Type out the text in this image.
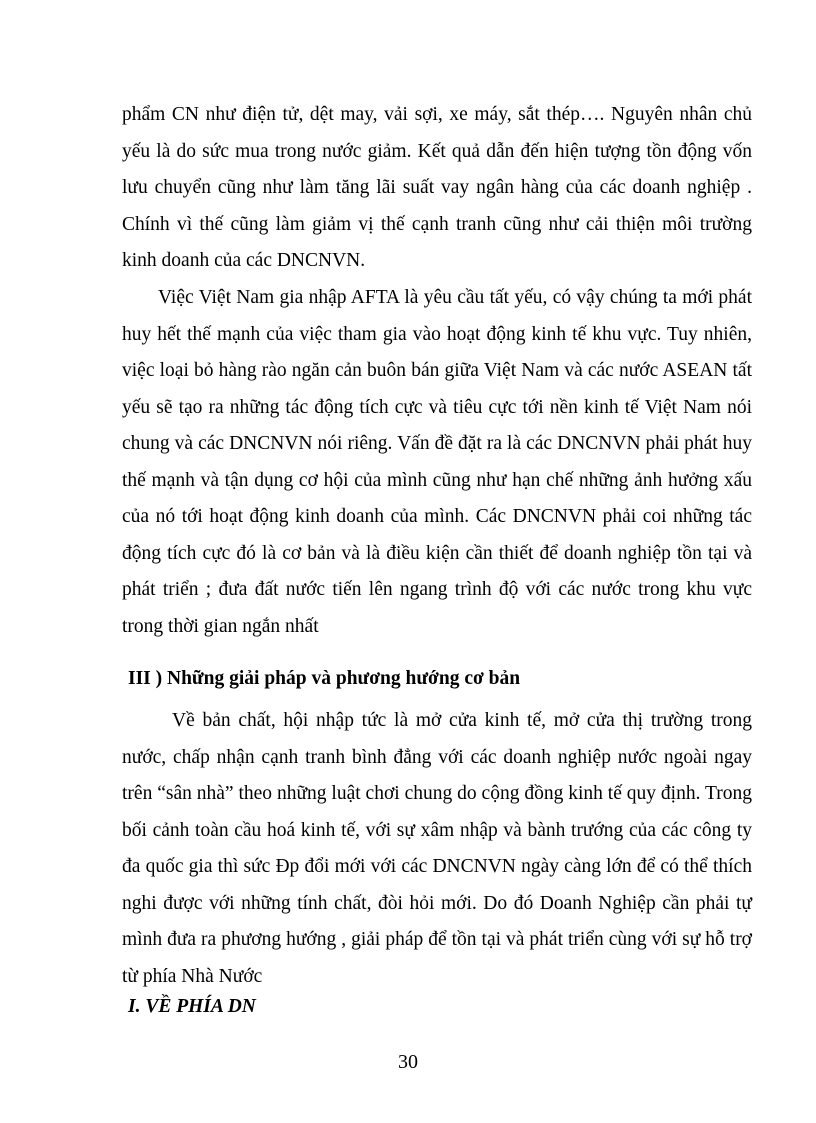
phẩm CN như điện tử, dệt may, vải sợi, xe máy, sắt thép…. Nguyên nhân chủ yếu là do sức mua trong nước giảm. Kết quả dẫn đến hiện tượng tồn động vốn lưu chuyển cũng như làm tăng lãi suất vay ngân hàng của các doanh nghiệp . Chính vì thế cũng làm giảm vị thế cạnh tranh cũng như cải thiện môi trường kinh doanh của các DNCNVN.

Việc Việt Nam gia nhập AFTA là yêu cầu tất yếu, có vậy chúng ta mới phát huy hết thế mạnh của việc tham gia vào hoạt động kinh tế khu vực. Tuy nhiên, việc loại bỏ hàng rào ngăn cản buôn bán giữa Việt Nam và các nước ASEAN tất yếu sẽ tạo ra những tác động tích cực và tiêu cực tới nền kinh tế Việt Nam nói chung và các DNCNVN nói riêng. Vấn đề đặt ra là các DNCNVN phải phát huy thế mạnh và tận dụng cơ hội của mình cũng như hạn chế những ảnh hưởng xấu của nó tới hoạt động kinh doanh của mình. Các DNCNVN phải coi những tác động tích cực đó là cơ bản và là điều kiện cần thiết để doanh nghiệp tồn tại và phát triển ; đưa đất nước tiến lên ngang trình độ với các nước trong khu vực trong thời gian ngắn nhất

III ) Những giải pháp và phương hướng cơ bản

Về bản chất, hội nhập tức là mở cửa kinh tế, mở cửa thị trường trong nước, chấp nhận cạnh tranh bình đẳng với các doanh nghiệp nước ngoài ngay trên “sân nhà” theo những luật chơi chung do cộng đồng kinh tế quy định. Trong bối cảnh toàn cầu hoá kinh tế, với sự xâm nhập và bành trướng của các công ty đa quốc gia thì sức Đp đổi mới với các DNCNVN ngày càng lớn để có thể thích nghi được với những tính chất, đòi hỏi mới. Do đó Doanh Nghiệp cần phải tự mình đưa ra phương hướng , giải pháp để tồn tại và phát triển cùng với sự hỗ trợ từ phía Nhà Nước

I. VỀ PHÍA DN

30
